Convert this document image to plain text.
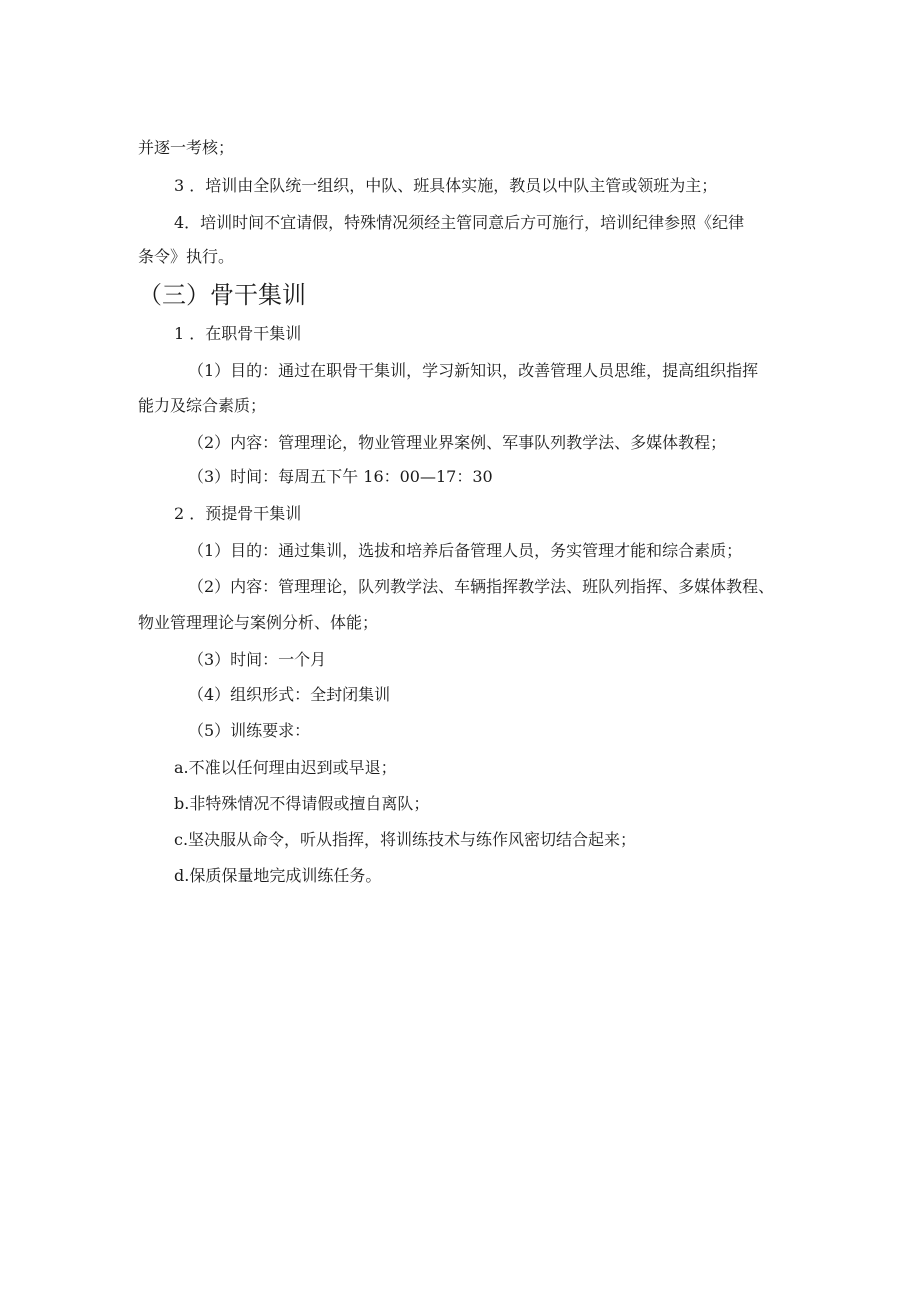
并逐一考核；
3 ．培训由全队统一组织，中队、班具体实施，教员以中队主管或领班为主；
4．培训时间不宜请假，特殊情况须经主管同意后方可施行，培训纪律参照《纪律
条令》执行。
（三）骨干集训
1 ．在职骨干集训
（1）目的：通过在职骨干集训，学习新知识，改善管理人员思维，提高组织指挥
能力及综合素质；
（2）内容：管理理论，物业管理业界案例、军事队列教学法、多媒体教程；
（3）时间：每周五下午 16：00—17：30
2 ．预提骨干集训
（1）目的：通过集训，选拔和培养后备管理人员，务实管理才能和综合素质；
（2）内容：管理理论，队列教学法、车辆指挥教学法、班队列指挥、多媒体教程、
物业管理理论与案例分析、体能；
（3）时间：一个月
（4）组织形式：全封闭集训
（5）训练要求：
a.不准以任何理由迟到或早退；
b.非特殊情况不得请假或擅自离队；
c.坚决服从命令，听从指挥，将训练技术与练作风密切结合起来；
d.保质保量地完成训练任务。
